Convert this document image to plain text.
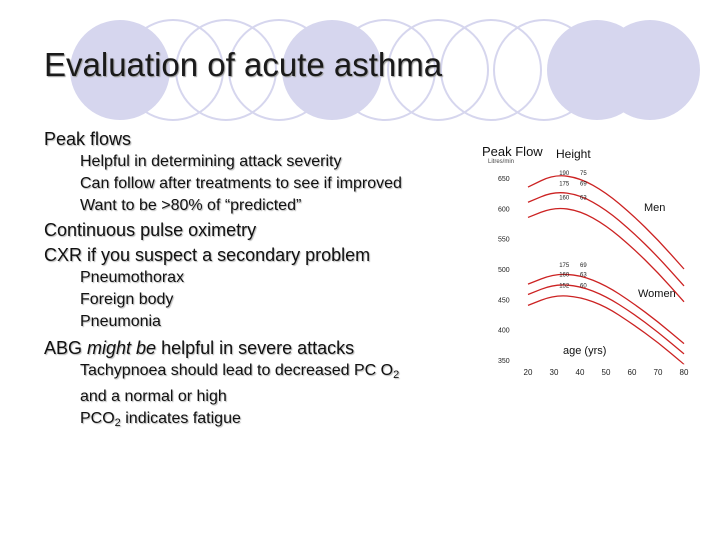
Evaluation of acute asthma
Peak flows
Helpful in determining attack severity
Can follow after treatments to see if improved
Want to be >80% of “predicted”
Continuous pulse oximetry
CXR if you suspect a secondary problem
Pneumothorax
Foreign body
Pneumonia
ABG might be helpful in severe attacks
Tachypnoea should lead to decreased PC $O_2$
and a normal or high
$PCO_2$ indicates fatigue
Peak Flow
Litres/min
Height
Men
Women
age (yrs)
350
400
450
500
550
600
650
20 30 40 50 60 70 80
190 75
175 69
160 63
175 69
160 63
152 60
